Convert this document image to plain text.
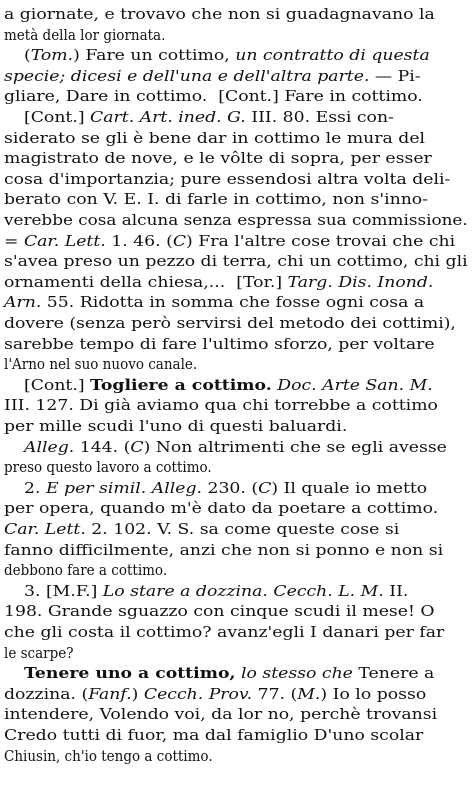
a giornate, e trovavo che non si guadagnavano la
metà della lor giornata.
(Tom.) Fare un cottimo, un contratto di questa
specie; dicesi e dell'una e dell'altra parte. — Pi-
gliare, Dare in cottimo.  [Cont.] Fare in cottimo.
[Cont.] Cart. Art. ined. G. III. 80. Essi con-
siderato se gli è bene dar in cottimo le mura del
magistrato de nove, e le vôlte di sopra, per esser
cosa d'importanzia; pure essendosi altra volta deli-
berato con V. E. I. di farle in cottimo, non s'inno-
verebbe cosa alcuna senza espressa sua commissione.
= Car. Lett. 1. 46. (C) Fra l'altre cose trovai che chi
s'avea preso un pezzo di terra, chi un cottimo, chi gli
ornamenti della chiesa,...  [Tor.] Targ. Dis. Inond.
Arn. 55. Ridotta in somma che fosse ogni cosa a
dovere (senza però servirsi del metodo dei cottimi),
sarebbe tempo di fare l'ultimo sforzo, per voltare
l'Arno nel suo nuovo canale.
[Cont.] Togliere a cottimo. Doc. Arte San. M.
III. 127. Di già aviamo qua chi torrebbe a cottimo
per mille scudi l'uno di questi baluardi.
Alleg. 144. (C) Non altrimenti che se egli avesse
preso questo lavoro a cottimo.
2. E per simil. Alleg. 230. (C) Il quale io metto
per opera, quando m'è dato da poetare a cottimo.
Car. Lett. 2. 102. V. S. sa come queste cose si
fanno difficilmente, anzi che non si ponno e non si
debbono fare a cottimo.
3. [M.F.] Lo stare a dozzina. Cecch. L. M. II.
198. Grande sguazzo con cinque scudi il mese! O
che gli costa il cottimo? avanz'egli I danari per far
le scarpe?
Tenere uno a cottimo, lo stesso che Tenere a
dozzina. (Fanf.) Cecch. Prov. 77. (M.) Io lo posso
intendere, Volendo voi, da lor no, perchè trovansi
Credo tutti di fuor, ma dal famiglio D'uno scolar
Chiusin, ch'io tengo a cottimo.
